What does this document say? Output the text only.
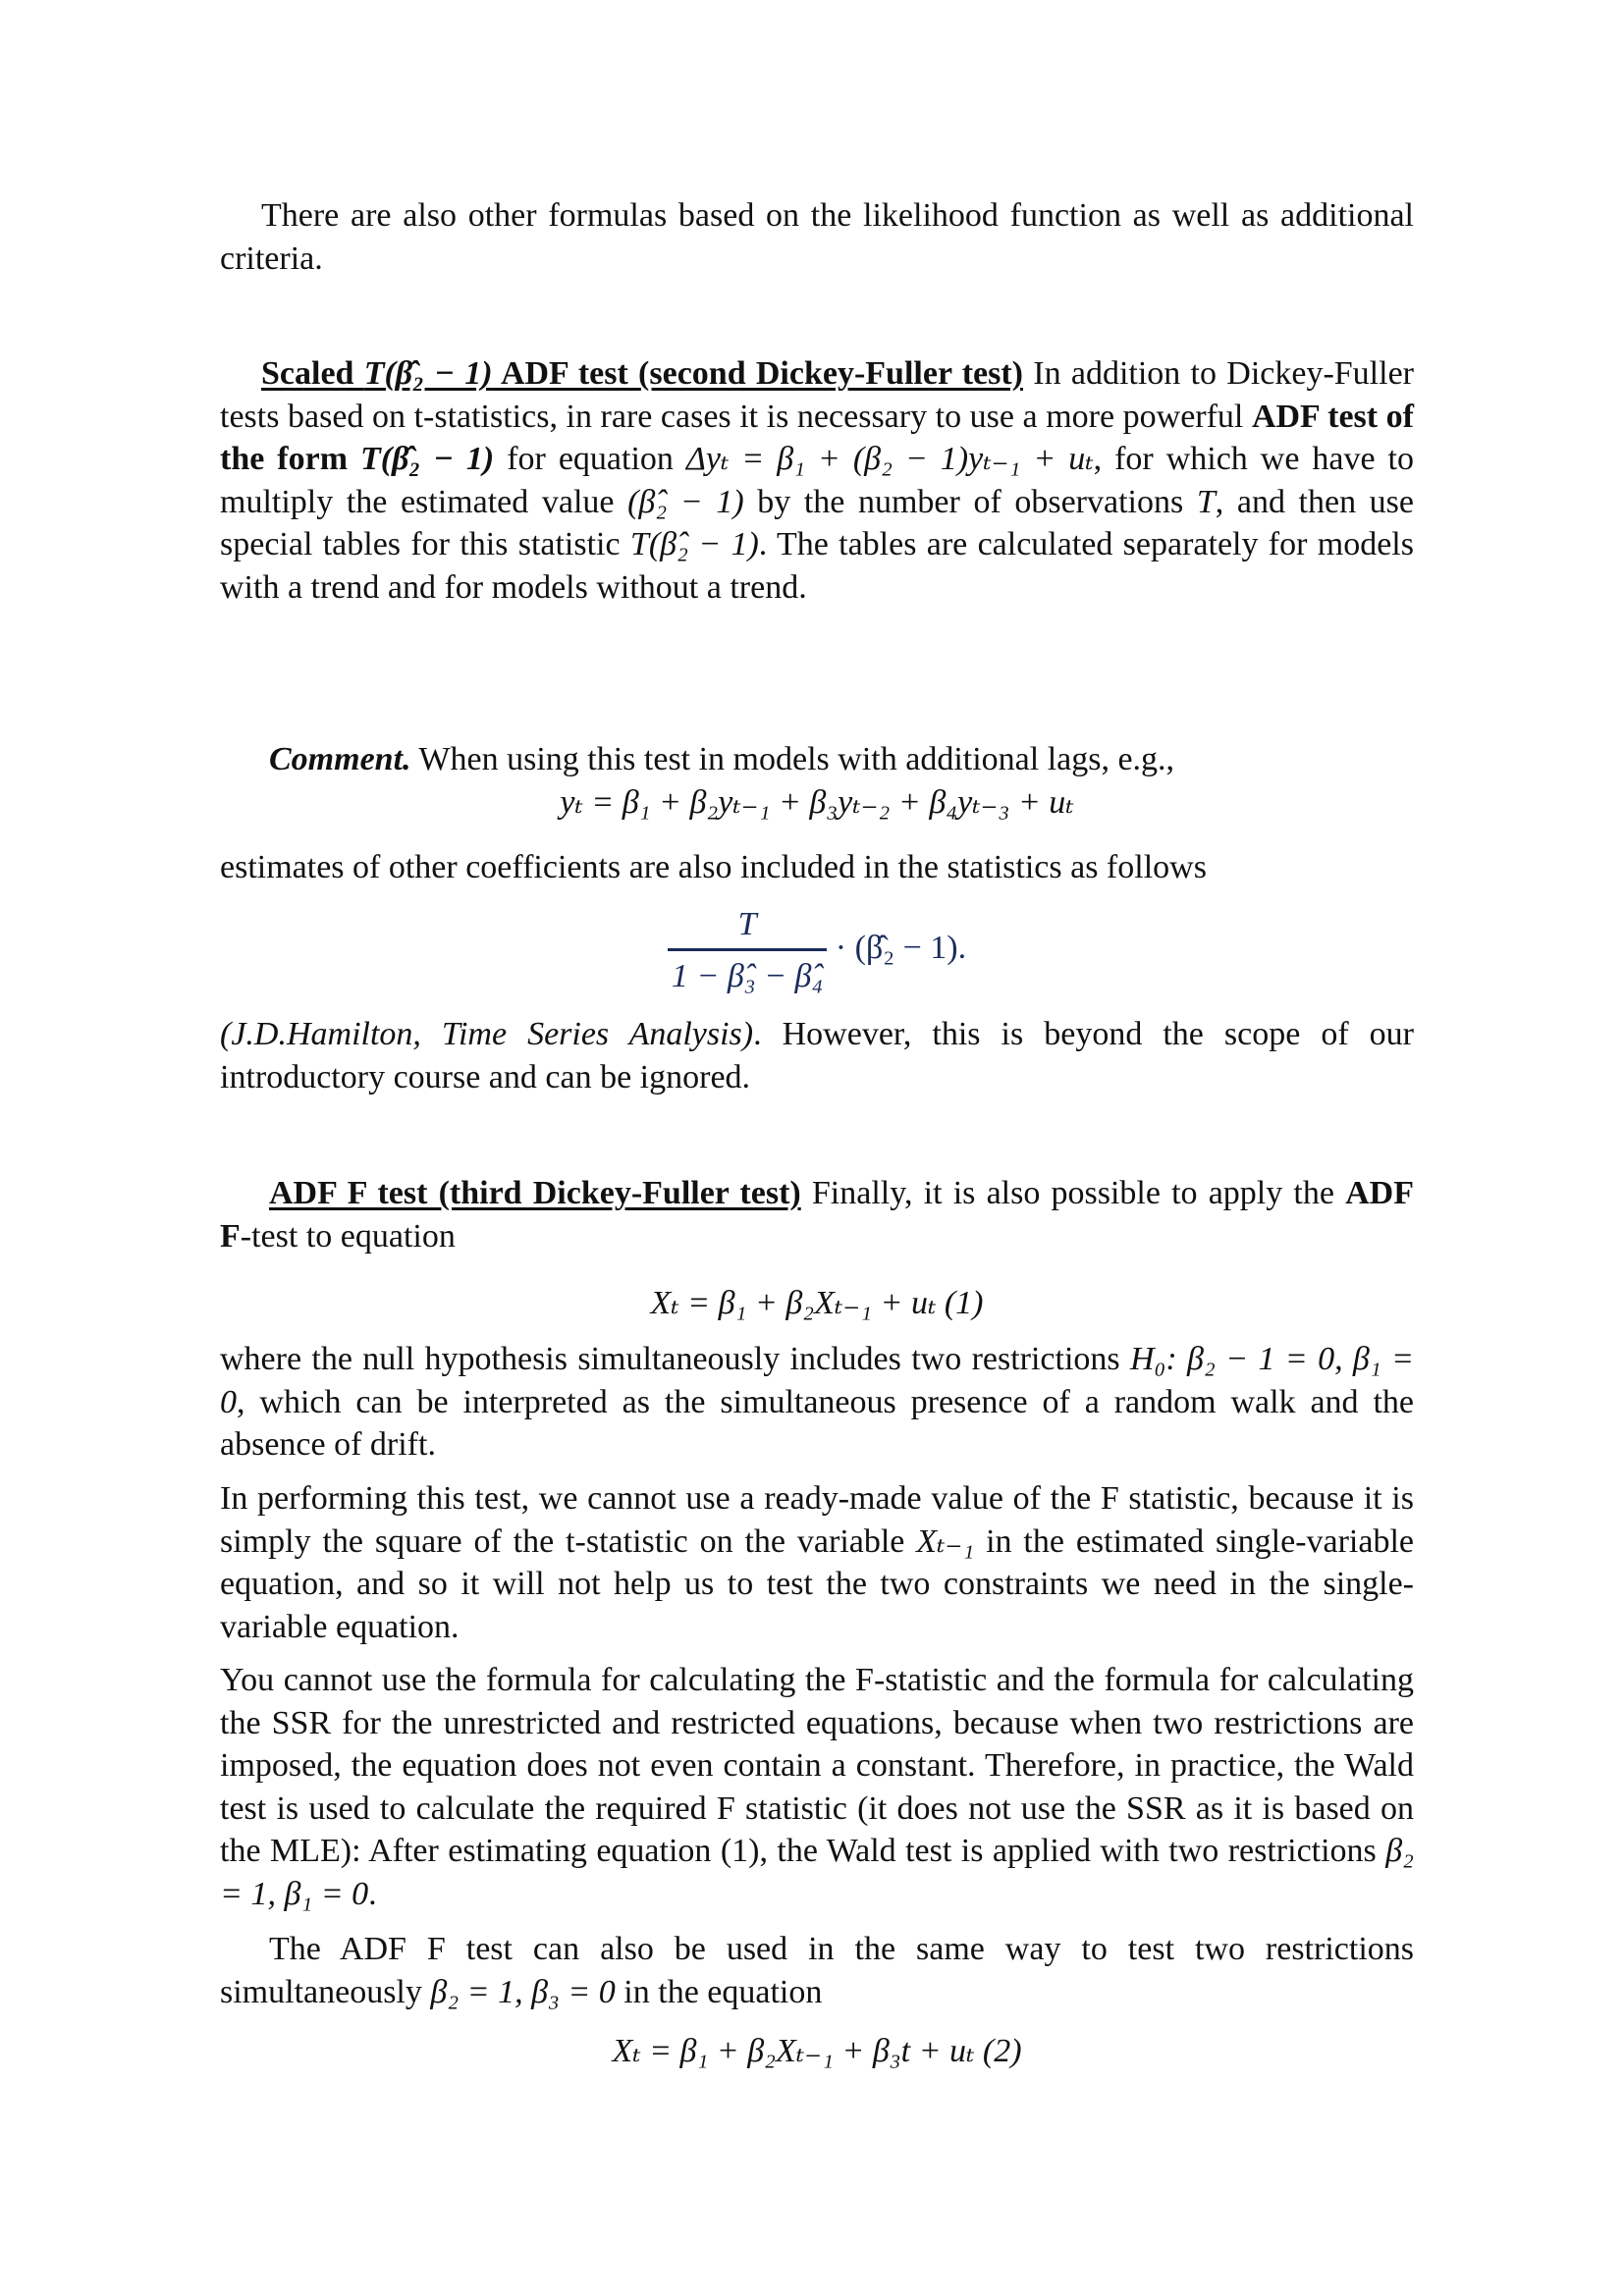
There are also other formulas based on the likelihood function as well as additional criteria.
Scaled T(β̂₂ − 1) ADF test (second Dickey-Fuller test) In addition to Dickey-Fuller tests based on t-statistics, in rare cases it is necessary to use a more powerful ADF test of the form T(β̂₂ − 1) for equation Δyₜ = β₁ + (β₂ − 1)yₜ₋₁ + uₜ, for which we have to multiply the estimated value (β̂₂ − 1) by the number of observations T, and then use special tables for this statistic T(β̂₂ − 1). The tables are calculated separately for models with a trend and for models without a trend.
Comment. When using this test in models with additional lags, e.g.,
yₜ = β₁ + β₂yₜ₋₁ + β₃yₜ₋₂ + β₄yₜ₋₃ + uₜ
estimates of other coefficients are also included in the statistics as follows
$\frac{T}{\text{1 − β̂₃ − β̂₄}}$ · (β̂₂ − 1).
(J.D.Hamilton, Time Series Analysis). However, this is beyond the scope of our introductory course and can be ignored.
ADF F test (third Dickey-Fuller test) Finally, it is also possible to apply the ADF F-test to equation
Xₜ = β₁ + β₂Xₜ₋₁ + uₜ (1)
where the null hypothesis simultaneously includes two restrictions H₀: β₂ − 1 = 0, β₁ = 0, which can be interpreted as the simultaneous presence of a random walk and the absence of drift.
In performing this test, we cannot use a ready-made value of the F statistic, because it is simply the square of the t-statistic on the variable Xₜ₋₁ in the estimated single-variable equation, and so it will not help us to test the two constraints we need in the single-variable equation.
You cannot use the formula for calculating the F-statistic and the formula for calculating the SSR for the unrestricted and restricted equations, because when two restrictions are imposed, the equation does not even contain a constant. Therefore, in practice, the Wald test is used to calculate the required F statistic (it does not use the SSR as it is based on the MLE): After estimating equation (1), the Wald test is applied with two restrictions β₂ = 1, β₁ = 0.
The ADF F test can also be used in the same way to test two restrictions simultaneously β₂ = 1, β₃ = 0 in the equation
Xₜ = β₁ + β₂Xₜ₋₁ + β₃t + uₜ (2)
